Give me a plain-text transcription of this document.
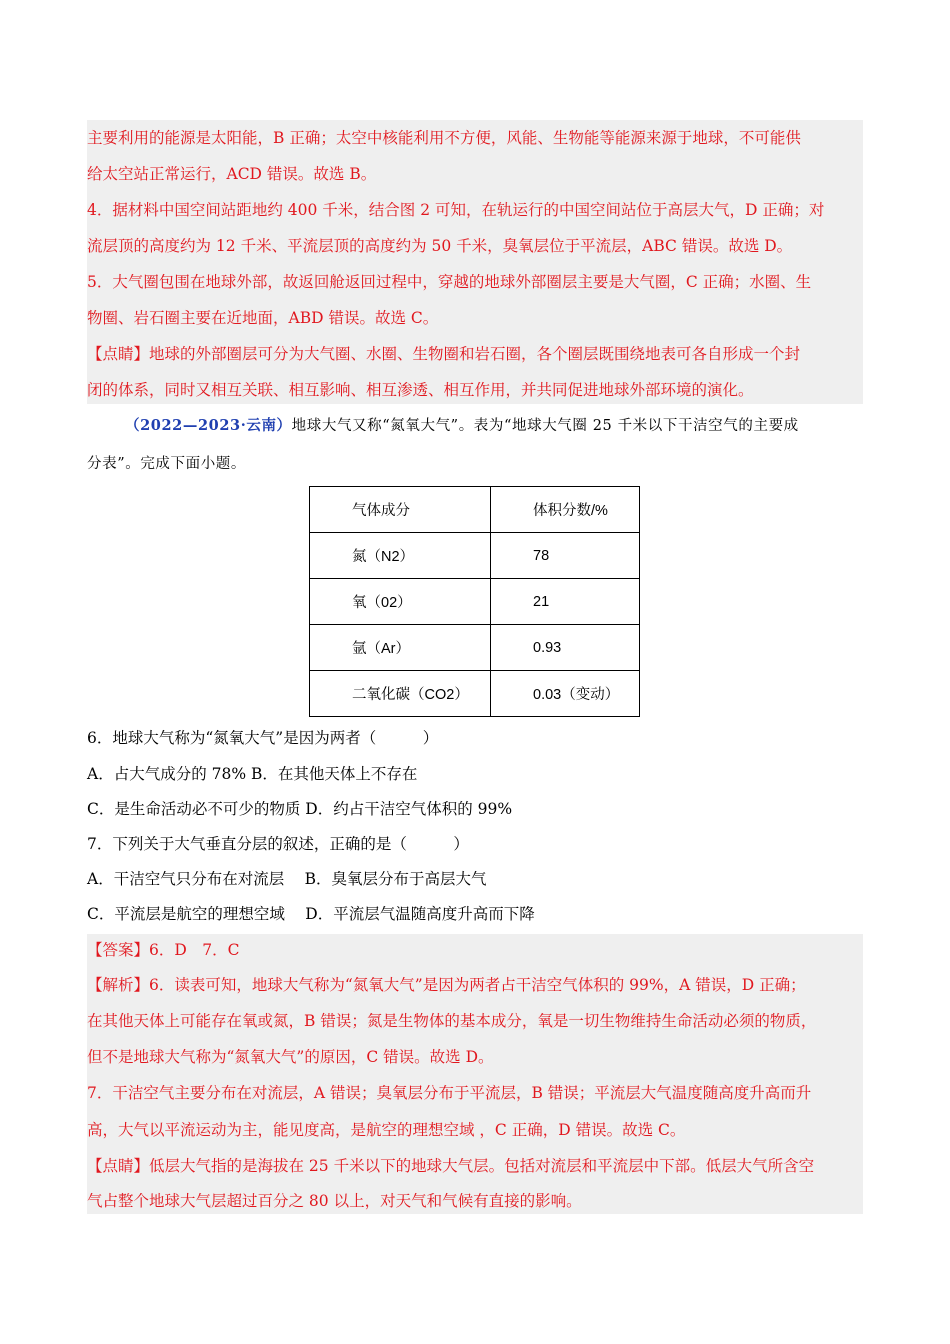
主要利用的能源是太阳能，B 正确；太空中核能利用不方便，风能、生物能等能源来源于地球，不可能供
给太空站正常运行，ACD 错误。故选 B。
4．据材料中国空间站距地约 400 千米，结合图 2 可知，在轨运行的中国空间站位于高层大气，D 正确；对
流层顶的高度约为 12 千米、平流层顶的高度约为 50 千米，臭氧层位于平流层，ABC 错误。故选 D。
5．大气圈包围在地球外部，故返回舱返回过程中，穿越的地球外部圈层主要是大气圈，C 正确；水圈、生
物圈、岩石圈主要在近地面，ABD 错误。故选 C。
【点睛】地球的外部圈层可分为大气圈、水圈、生物圈和岩石圈，各个圈层既围绕地表可各自形成一个封
闭的体系，同时又相互关联、相互影响、相互渗透、相互作用，并共同促进地球外部环境的演化。
（2022—2023·云南）地球大气又称“氮氧大气”。表为“地球大气圈 25 千米以下干洁空气的主要成
分表”。完成下面小题。
气体成分	体积分数/%
氮（N2）	78
氧（02）	21
氩（Ar）	0.93
二氧化碳（CO2）	0.03（变动）
6．地球大气称为“氮氧大气”是因为两者（　　　）
A．占大气成分的 78% B．在其他天体上不存在
C．是生命活动必不可少的物质 D．约占干洁空气体积的 99%
7．下列关于大气垂直分层的叙述，正确的是（　　　）
A．干洁空气只分布在对流层　 B．臭氧层分布于高层大气
C．平流层是航空的理想空域　 D．平流层气温随高度升高而下降
【答案】6．D　7．C
【解析】6．读表可知，地球大气称为“氮氧大气”是因为两者占干洁空气体积的 99%，A 错误，D 正确；
在其他天体上可能存在氧或氮，B 错误；氮是生物体的基本成分，氧是一切生物维持生命活动必须的物质，
但不是地球大气称为“氮氧大气”的原因，C 错误。故选 D。
7．干洁空气主要分布在对流层，A 错误；臭氧层分布于平流层，B 错误；平流层大气温度随高度升高而升
高，大气以平流运动为主，能见度高，是航空的理想空域 ，C 正确，D 错误。故选 C。
【点睛】低层大气指的是海拔在 25 千米以下的地球大气层。包括对流层和平流层中下部。低层大气所含空
气占整个地球大气层超过百分之 80 以上，对天气和气候有直接的影响。
